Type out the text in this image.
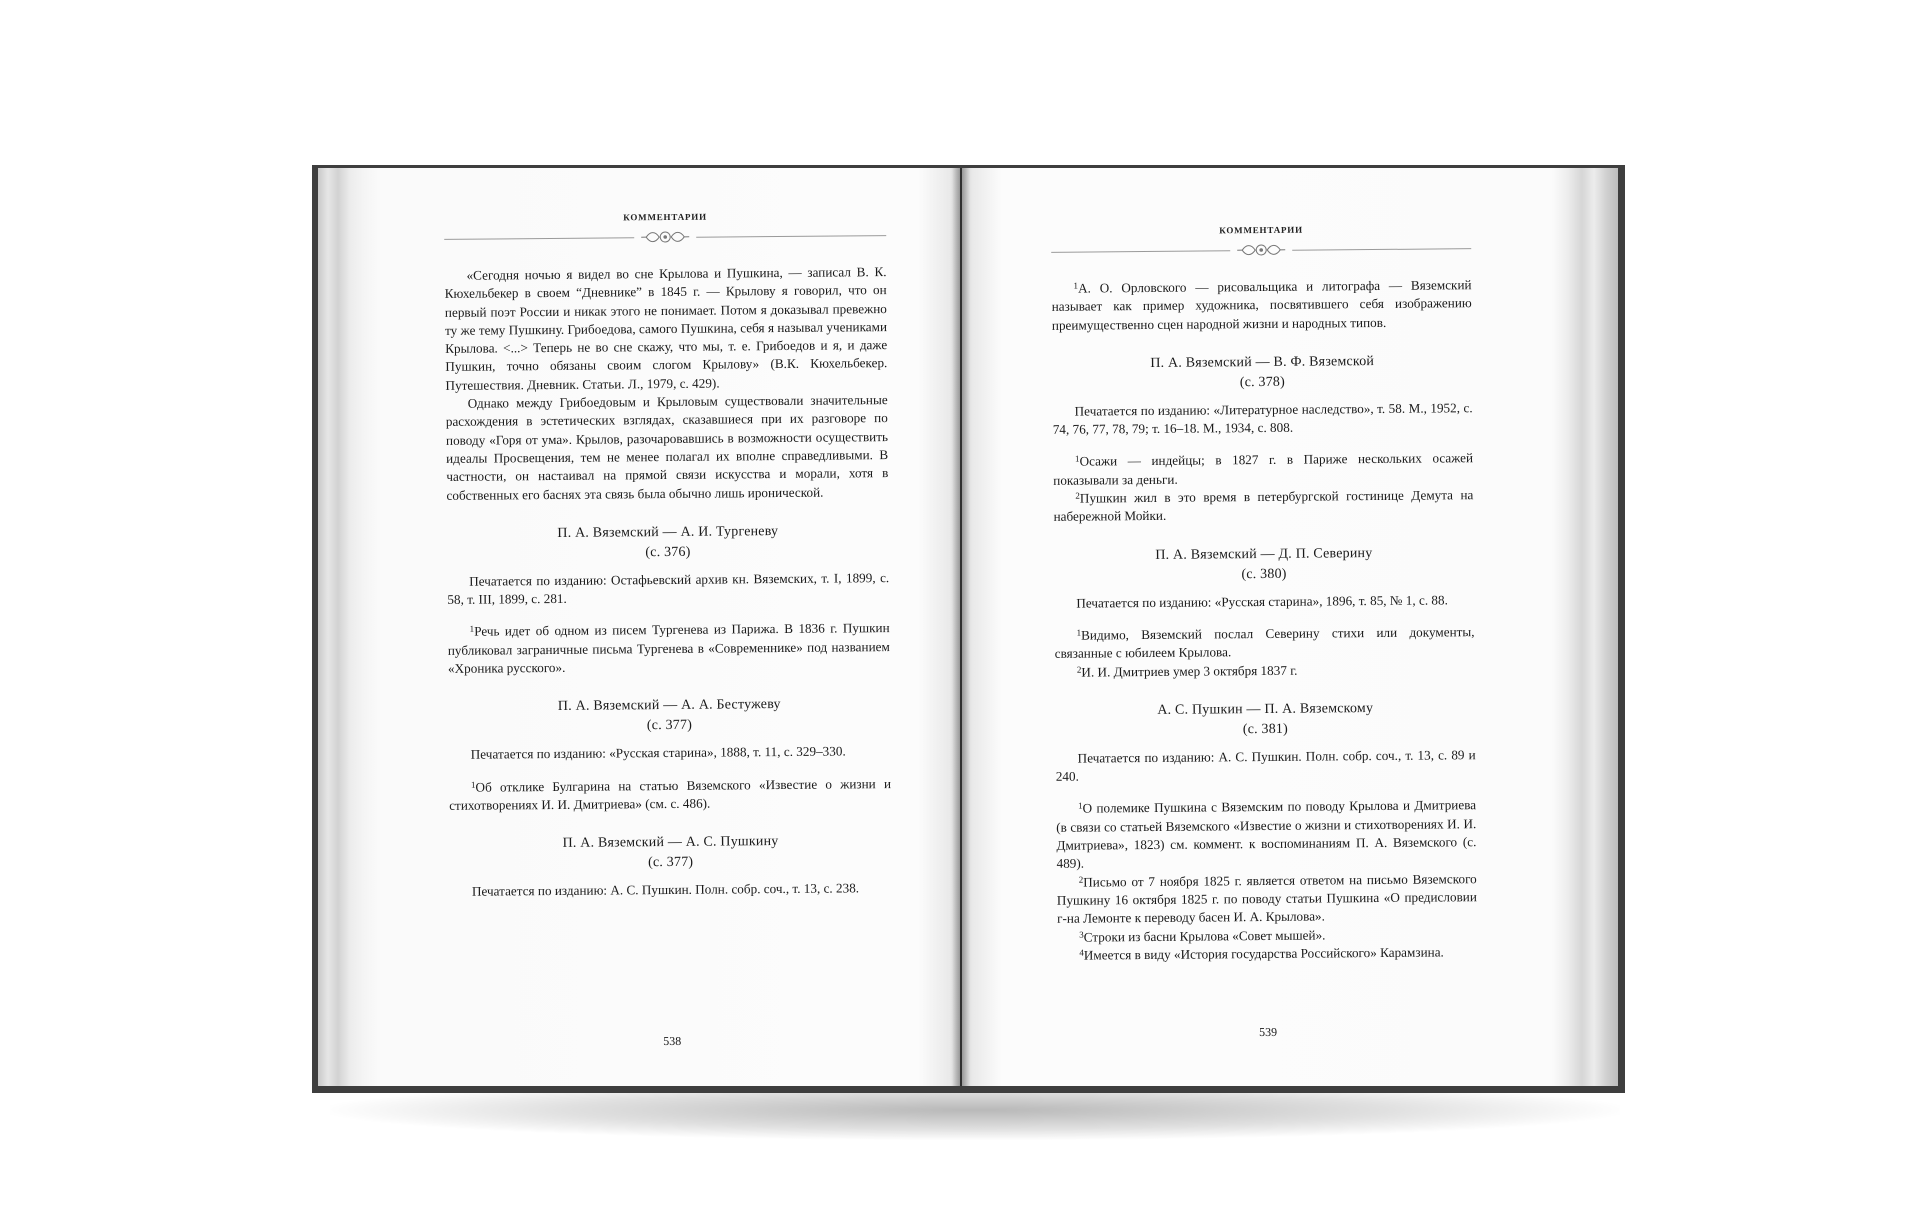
КОММЕНТАРИИ

«Сегодня ночью я видел во сне Крылова и Пушкина, — записал В. К. Кюхельбекер в своем “Дневнике” в 1845 г. — Крылову я говорил, что он первый поэт России и никак этого не понимает. Потом я доказывал превежно ту же тему Пушкину. Грибоедова, самого Пушкина, себя я называл учениками Крылова. <...> Теперь не во сне скажу, что мы, т. е. Грибоедов и я, и даже Пушкин, точно обязаны своим слогом Крылову» (В.К. Кюхельбекер. Путешествия. Дневник. Статьи. Л., 1979, с. 429).

Однако между Грибоедовым и Крыловым существовали значительные расхождения в эстетических взглядах, сказавшиеся при их разговоре по поводу «Горя от ума». Крылов, разочаровавшись в возможности осуществить идеалы Просвещения, тем не менее полагал их вполне справедливыми. В частности, он настаивал на прямой связи искусства и морали, хотя в собственных его баснях эта связь была обычно лишь иронической.

П. А. Вяземский — А. И. Тургеневу
(с. 376)

Печатается по изданию: Остафьевский архив кн. Вяземских, т. I, 1899, с. 58, т. III, 1899, с. 281.

$^1$Речь идет об одном из писем Тургенева из Парижа. В 1836 г. Пушкин публиковал заграничные письма Тургенева в «Современнике» под названием «Хроника русского».

П. А. Вяземский — А. А. Бестужеву
(с. 377)

Печатается по изданию: «Русская старина», 1888, т. 11, с. 329–330.

$^1$Об отклике Булгарина на статью Вяземского «Известие о жизни и стихотворениях И. И. Дмитриева» (см. с. 486).

П. А. Вяземский — А. С. Пушкину
(с. 377)

Печатается по изданию: А. С. Пушкин. Полн. собр. соч., т. 13, с. 238.

538
КОММЕНТАРИИ

$^1$А. О. Орловского — рисовальщика и литографа — Вяземский называет как пример художника, посвятившего себя изображению преимущественно сцен народной жизни и народных типов.

П. А. Вяземский — В. Ф. Вяземской
(с. 378)

Печатается по изданию: «Литературное наследство», т. 58. М., 1952, с. 74, 76, 77, 78, 79; т. 16–18. М., 1934, с. 808.

$^1$Осажи — индейцы; в 1827 г. в Париже нескольких осажей показывали за деньги.

$^2$Пушкин жил в это время в петербургской гостинице Демута на набережной Мойки.

П. А. Вяземский — Д. П. Северину
(с. 380)

Печатается по изданию: «Русская старина», 1896, т. 85, № 1, с. 88.

$^1$Видимо, Вяземский послал Северину стихи или документы, связанные с юбилеем Крылова.

$^2$И. И. Дмитриев умер 3 октября 1837 г.

А. С. Пушкин — П. А. Вяземскому
(с. 381)

Печатается по изданию: А. С. Пушкин. Полн. собр. соч., т. 13, с. 89 и 240.

$^1$О полемике Пушкина с Вяземским по поводу Крылова и Дмитриева (в связи со статьей Вяземского «Известие о жизни и стихотворениях И. И. Дмитриева», 1823) см. коммент. к воспоминаниям П. А. Вяземского (с. 489).

$^2$Письмо от 7 ноября 1825 г. является ответом на письмо Вяземского Пушкину 16 октября 1825 г. по поводу статьи Пушкина «О предисловии г-на Лемонте к переводу басен И. А. Крылова».

$^3$Строки из басни Крылова «Совет мышей».

$^4$Имеется в виду «История государства Российского» Карамзина.

539
